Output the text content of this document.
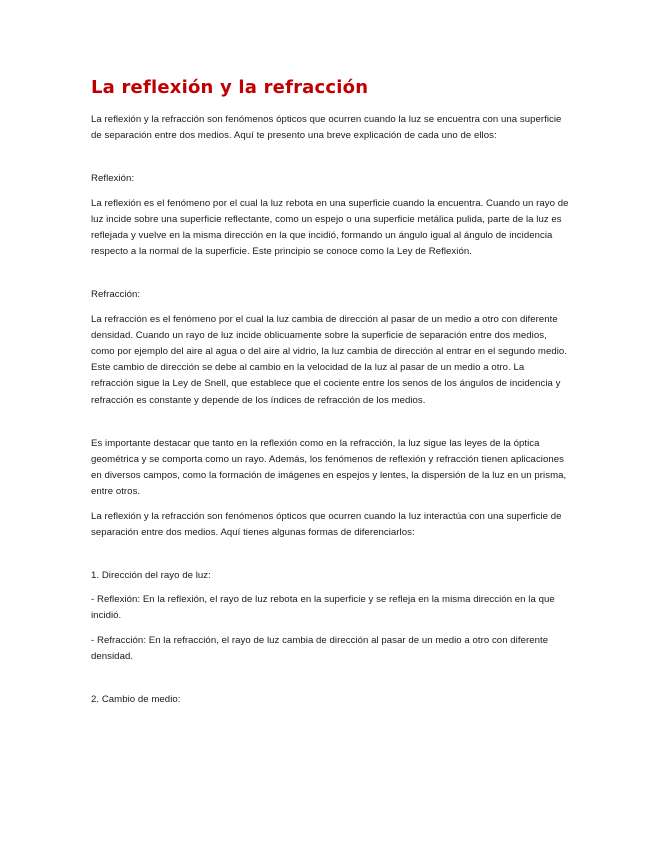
La reflexión y la refracción

La reflexión y la refracción son fenómenos ópticos que ocurren cuando la luz se encuentra con una superficie de separación entre dos medios. Aquí te presento una breve explicación de cada uno de ellos:

Reflexión:

La reflexión es el fenómeno por el cual la luz rebota en una superficie cuando la encuentra. Cuando un rayo de luz incide sobre una superficie reflectante, como un espejo o una superficie metálica pulida, parte de la luz es reflejada y vuelve en la misma dirección en la que incidió, formando un ángulo igual al ángulo de incidencia respecto a la normal de la superficie. Este principio se conoce como la Ley de Reflexión.

Refracción:

La refracción es el fenómeno por el cual la luz cambia de dirección al pasar de un medio a otro con diferente densidad. Cuando un rayo de luz incide oblicuamente sobre la superficie de separación entre dos medios, como por ejemplo del aire al agua o del aire al vidrio, la luz cambia de dirección al entrar en el segundo medio. Este cambio de dirección se debe al cambio en la velocidad de la luz al pasar de un medio a otro. La refracción sigue la Ley de Snell, que establece que el cociente entre los senos de los ángulos de incidencia y refracción es constante y depende de los índices de refracción de los medios.

Es importante destacar que tanto en la reflexión como en la refracción, la luz sigue las leyes de la óptica geométrica y se comporta como un rayo. Además, los fenómenos de reflexión y refracción tienen aplicaciones en diversos campos, como la formación de imágenes en espejos y lentes, la dispersión de la luz en un prisma, entre otros.

La reflexión y la refracción son fenómenos ópticos que ocurren cuando la luz interactúa con una superficie de separación entre dos medios. Aquí tienes algunas formas de diferenciarlos:

1. Dirección del rayo de luz:

- Reflexión: En la reflexión, el rayo de luz rebota en la superficie y se refleja en la misma dirección en la que incidió.

- Refracción: En la refracción, el rayo de luz cambia de dirección al pasar de un medio a otro con diferente densidad.

2. Cambio de medio:
